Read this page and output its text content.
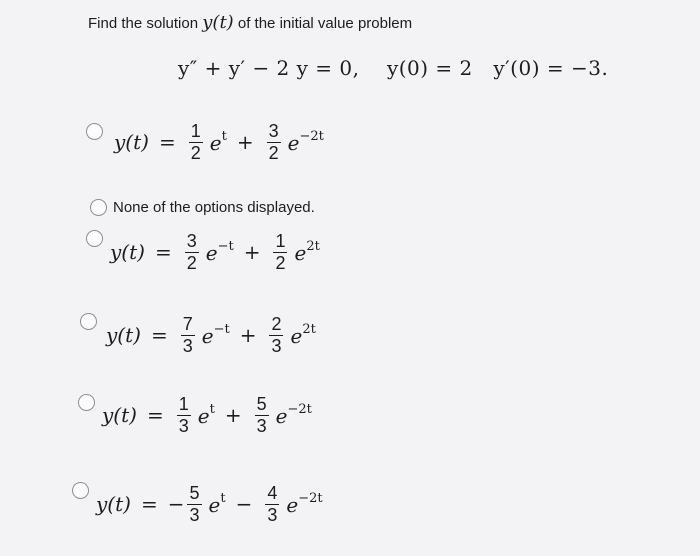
Find the solution y(t) of the initial value problem
y″ + y′ − 2 y = 0, y(0) = 2 y′(0) = −3.
$y(t) = \frac{1}{2} e^t + \frac{3}{2} e^{-2t}$
None of the options displayed.
$y(t) = \frac{3}{2} e^{-t} + \frac{1}{2} e^{2t}$
$y(t) = \frac{7}{3} e^{-t} + \frac{2}{3} e^{2t}$
$y(t) = \frac{1}{3} e^t + \frac{5}{3} e^{-2t}$
y(t) = − $\frac{5}{3} e^t - \frac{4}{3} e^{-2t}$
